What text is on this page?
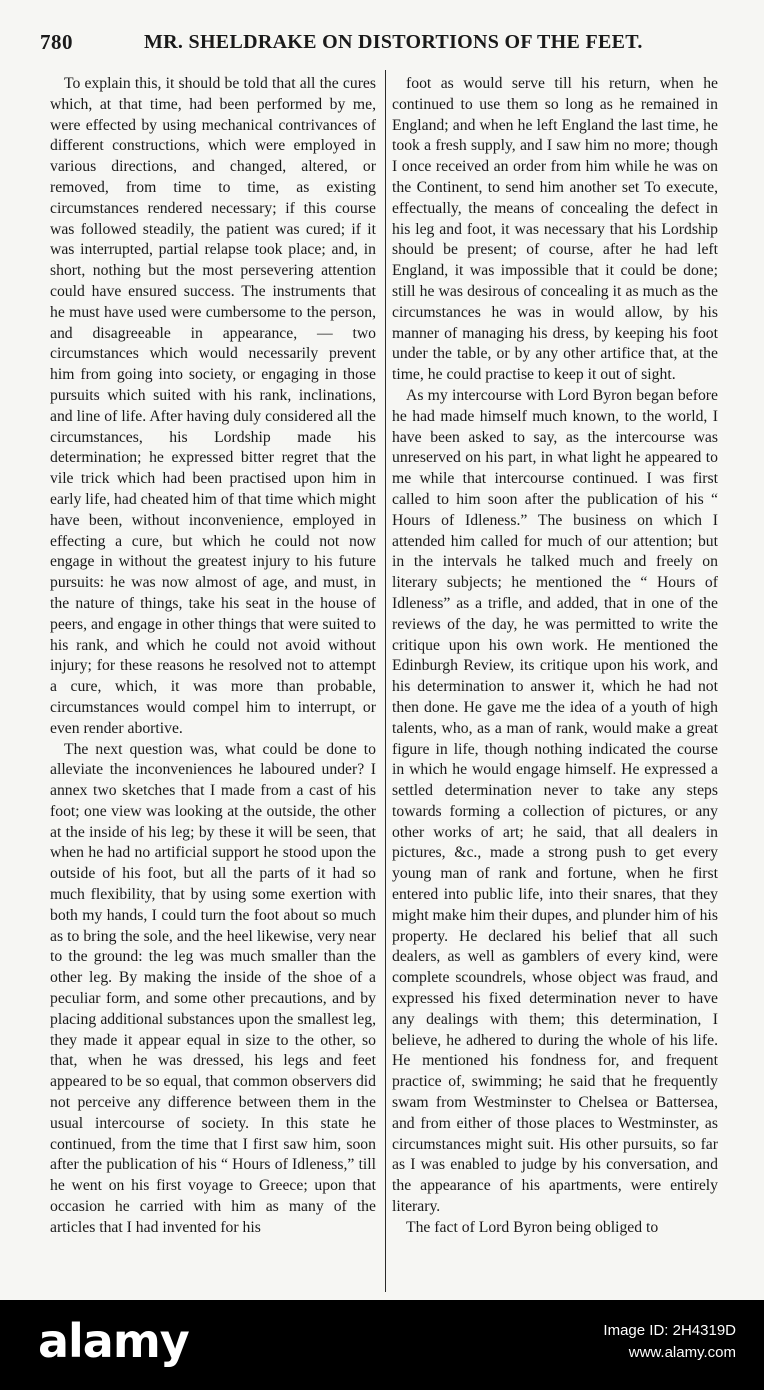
780	MR. SHELDRAKE ON DISTORTIONS OF THE FEET.

To explain this, it should be told that all the cures which, at that time, had been performed by me, were effected by using mechanical contrivances of different constructions, which were employed in various directions, and changed, altered, or removed, from time to time, as existing circumstances rendered necessary; if this course was followed steadily, the patient was cured; if it was interrupted, partial relapse took place; and, in short, nothing but the most persevering attention could have ensured success. The instruments that he must have used were cumbersome to the person, and disagreeable in appearance, — two circumstances which would necessarily prevent him from going into society, or engaging in those pursuits which suited with his rank, inclinations, and line of life. After having duly considered all the circumstances, his Lordship made his determination; he expressed bitter regret that the vile trick which had been practised upon him in early life, had cheated him of that time which might have been, without inconvenience, employed in effecting a cure, but which he could not now engage in without the greatest injury to his future pursuits: he was now almost of age, and must, in the nature of things, take his seat in the house of peers, and engage in other things that were suited to his rank, and which he could not avoid without injury; for these reasons he resolved not to attempt a cure, which, it was more than probable, circumstances would compel him to interrupt, or even render abortive.

The next question was, what could be done to alleviate the inconveniences he laboured under? I annex two sketches that I made from a cast of his foot; one view was looking at the outside, the other at the inside of his leg; by these it will be seen, that when he had no artificial support he stood upon the outside of his foot, but all the parts of it had so much flexibility, that by using some exertion with both my hands, I could turn the foot about so much as to bring the sole, and the heel likewise, very near to the ground: the leg was much smaller than the other leg. By making the inside of the shoe of a peculiar form, and some other precautions, and by placing additional substances upon the smallest leg, they made it appear equal in size to the other, so that, when he was dressed, his legs and feet appeared to be so equal, that common observers did not perceive any difference between them in the usual intercourse of society. In this state he continued, from the time that I first saw him, soon after the publication of his “ Hours of Idleness,” till he went on his first voyage to Greece; upon that occasion he carried with him as many of the articles that I had invented for his

foot as would serve till his return, when he continued to use them so long as he remained in England; and when he left England the last time, he took a fresh supply, and I saw him no more; though I once received an order from him while he was on the Continent, to send him another set To execute, effectually, the means of concealing the defect in his leg and foot, it was necessary that his Lordship should be present; of course, after he had left England, it was impossible that it could be done; still he was desirous of concealing it as much as the circumstances he was in would allow, by his manner of managing his dress, by keeping his foot under the table, or by any other artifice that, at the time, he could practise to keep it out of sight.

As my intercourse with Lord Byron began before he had made himself much known, to the world, I have been asked to say, as the intercourse was unreserved on his part, in what light he appeared to me while that intercourse continued. I was first called to him soon after the publication of his “ Hours of Idleness.” The business on which I attended him called for much of our attention; but in the intervals he talked much and freely on literary subjects; he mentioned the “ Hours of Idleness” as a trifle, and added, that in one of the reviews of the day, he was permitted to write the critique upon his own work. He mentioned the Edinburgh Review, its critique upon his work, and his determination to answer it, which he had not then done. He gave me the idea of a youth of high talents, who, as a man of rank, would make a great figure in life, though nothing indicated the course in which he would engage himself. He expressed a settled determination never to take any steps towards forming a collection of pictures, or any other works of art; he said, that all dealers in pictures, &c., made a strong push to get every young man of rank and fortune, when he first entered into public life, into their snares, that they might make him their dupes, and plunder him of his property. He declared his belief that all such dealers, as well as gamblers of every kind, were complete scoundrels, whose object was fraud, and expressed his fixed determination never to have any dealings with them; this determination, I believe, he adhered to during the whole of his life. He mentioned his fondness for, and frequent practice of, swimming; he said that he frequently swam from Westminster to Chelsea or Battersea, and from either of those places to Westminster, as circumstances might suit. His other pursuits, so far as I was enabled to judge by his conversation, and the appearance of his apartments, were entirely literary.

The fact of Lord Byron being obliged to

alamy	Image ID: 2H4319D
www.alamy.com
